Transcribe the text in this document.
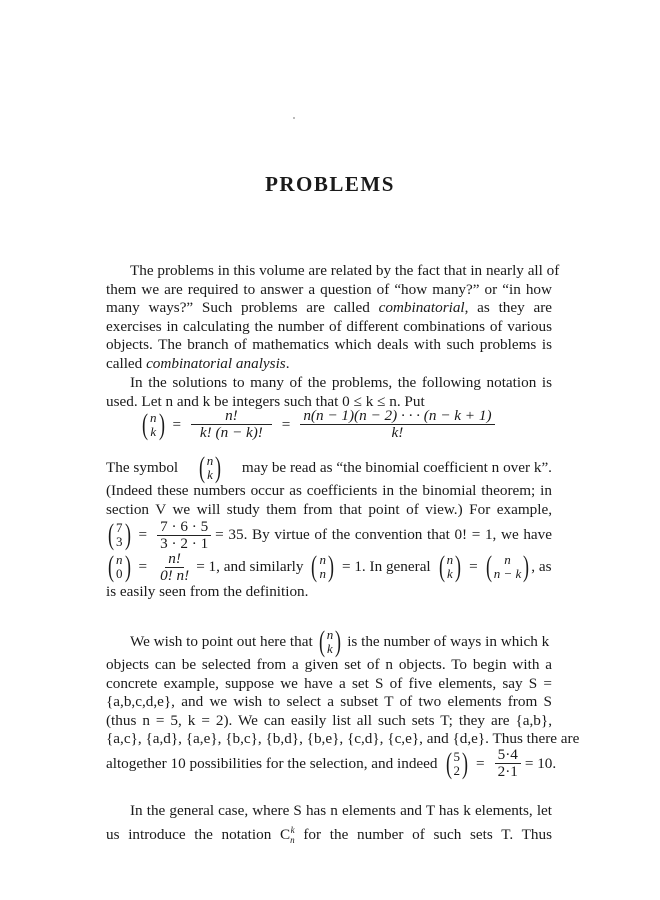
PROBLEMS
The problems in this volume are related by the fact that in nearly all of
them we are required to answer a question of “how many?” or “in how
many ways?” Such problems are called combinatorial, as they are
exercises in calculating the number of different combinations of various
objects. The branch of mathematics which deals with such problems is
called combinatorial analysis.
In the solutions to many of the problems, the following notation is
used. Let n and k be integers such that 0 ≤ k ≤ n. Put
( n
k ) = $\frac{n!}{k! (n - k)!} = \frac{n(n - 1)(n - 2) \cdot \cdot \cdot (n - k + 1)}{k!}$
The symbol ( n
k ) may be read as “the binomial coefficient n over k”.
(Indeed these numbers occur as coefficients in the binomial theorem; in
section V we will study them from that point of view.) For example,
( 7
3 ) = $\frac{7 \cdot 6 \cdot 5}{3 \cdot 2 \cdot 1} = 35$. By virtue of the convention that 0! = 1, we have
( n
0 ) = $\frac{n!}{0! n!} = 1$, and similarly ( n
n ) = 1. In general ( n
k ) = ( n
n − k ) , as
is easily seen from the definition.
We wish to point out here that ( n
k ) is the number of ways in which k
objects can be selected from a given set of n objects. To begin with a
concrete example, suppose we have a set S of five elements, say S =
{a,b,c,d,e}, and we wish to select a subset T of two elements from S
(thus n = 5, k = 2). We can easily list all such sets T; they are {a,b},
{a,c}, {a,d}, {a,e}, {b,c}, {b,d}, {b,e}, {c,d}, {c,e}, and {d,e}. Thus there are
altogether 10 possibilities for the selection, and indeed ( 5
2 ) = $\frac{5\cdot 4}{2\cdot 1} = 10$.
In the general case, where S has n elements and T has k elements, let
us introduce the notation $C_n^k$ for the number of such sets T. Thus
